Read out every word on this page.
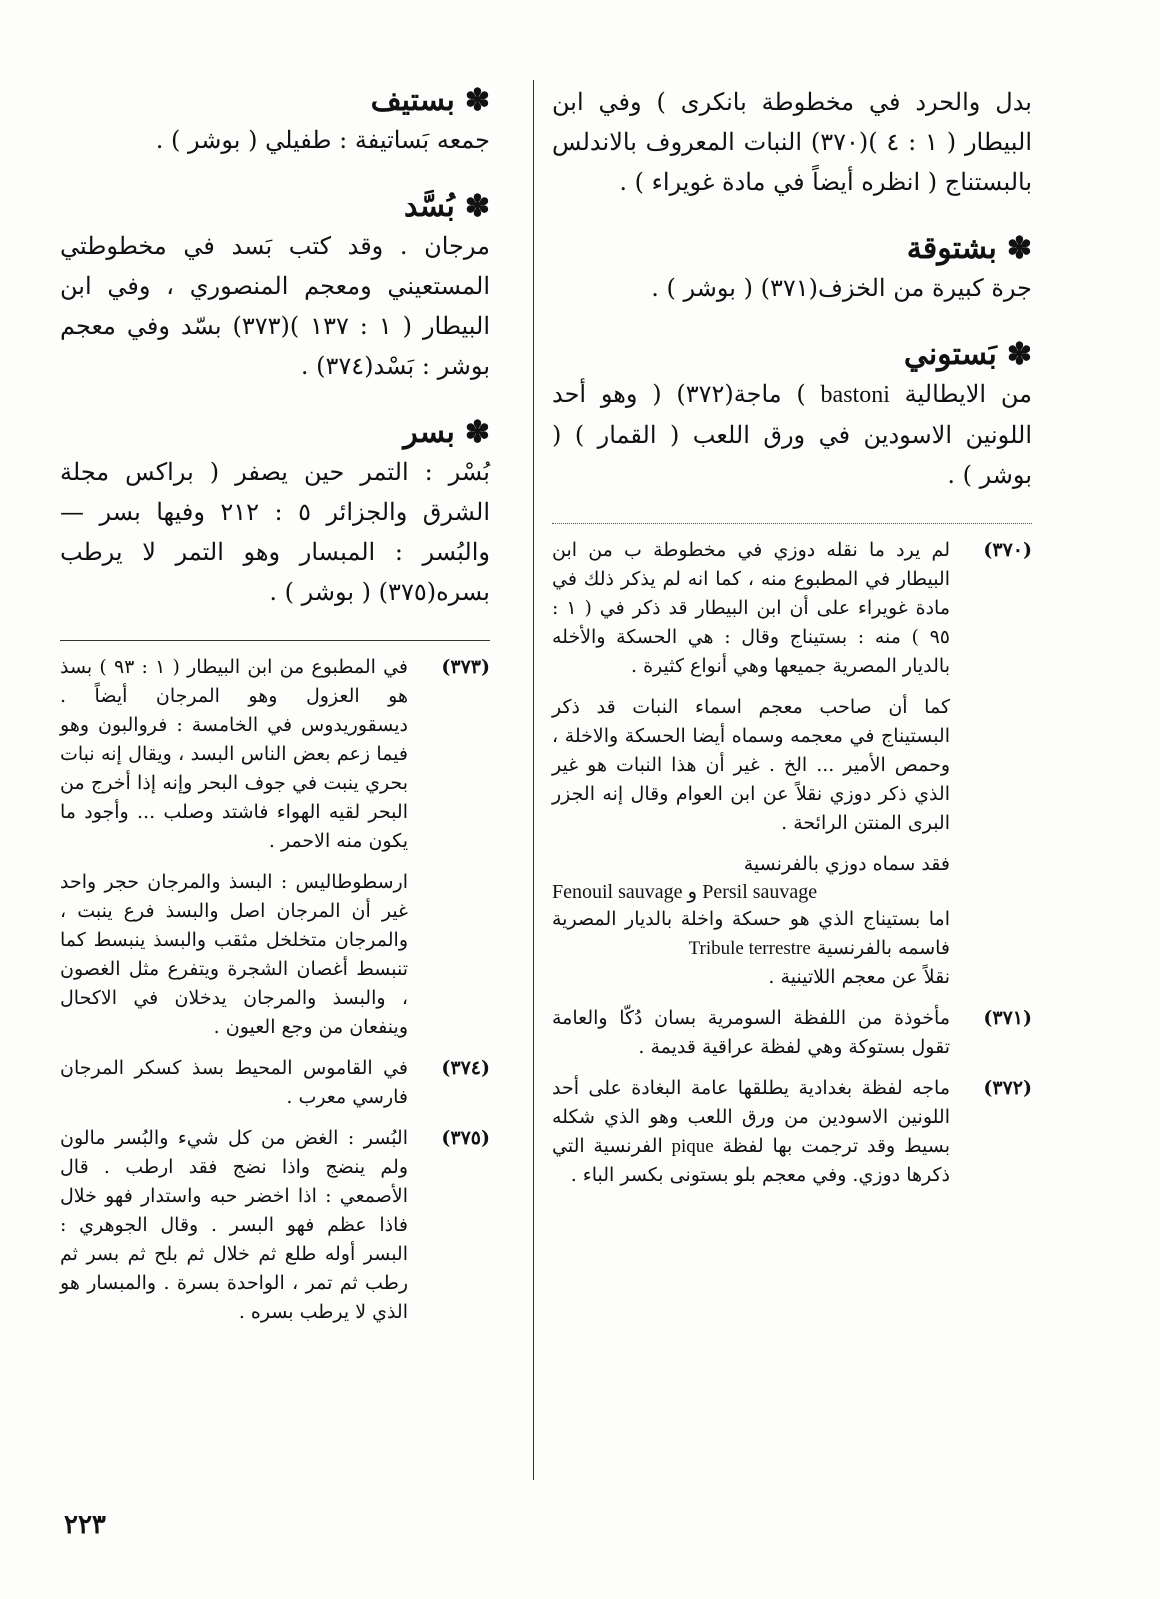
بدل والحرد في مخطوطة بانكرى ) وفي ابن البيطار ( ١ : ٤ )(٣٧٠) النبات المعروف بالاندلس بالبستناج ( انظره أيضاً في مادة غويراء ) .
✽بشتوقة
جرة كبيرة من الخزف(٣٧١) ( بوشر ) .
✽بَستوني
من الايطالية bastoni ) ماجة(٣٧٢) ( وهو أحد اللونين الاسودين في ورق اللعب ( القمار ) ( بوشر ) .
(٣٧٠)
لم يرد ما نقله دوزي في مخطوطة ب من ابن البيطار في المطبوع منه ، كما انه لم يذكر ذلك في مادة غويراء على أن ابن البيطار قد ذكر في ( ١ : ٩٥ ) منه : بستيناج وقال : هي الحسكة والأخله بالديار المصرية جميعها وهي أنواع كثيرة .
كما أن صاحب معجم اسماء النبات قد ذكر البستيناج في معجمه وسماه أيضا الحسكة والاخلة ، وحمص الأمير ... الخ . غير أن هذا النبات هو غير الذي ذكر دوزي نقلاً عن ابن العوام وقال إنه الجزر البرى المنتن الرائحة .
فقد سماه دوزي بالفرنسية
Fenouil sauvage و Persil sauvage
اما بستيناج الذي هو حسكة واخلة بالديار المصرية فاسمه بالفرنسية Tribule terrestre
نقلاً عن معجم اللاتينية .
(٣٧١)
مأخوذة من اللفظة السومرية بسان دُكّا والعامة تقول بستوكة وهي لفظة عراقية قديمة .
(٣٧٢)
ماجه لفظة بغدادية يطلقها عامة البغادة على أحد اللونين الاسودين من ورق اللعب وهو الذي شكله بسيط وقد ترجمت بها لفظة pique الفرنسية التي ذكرها دوزي. وفي معجم بلو بستونى بكسر الباء .
✽بستيف
جمعه بَساتيفة : طفيلي ( بوشر ) .
✽بُسَّد
مرجان . وقد كتب بَسد في مخطوطتي المستعيني ومعجم المنصوري ، وفي ابن البيطار ( ١ : ١٣٧ )(٣٧٣) بسّد وفي معجم بوشر : بَسْد(٣٧٤) .
✽بسر
بُسْر : التمر حين يصفر ( براكس مجلة الشرق والجزائر ٥ : ٢١٢ وفيها بسر — والبُسر : المبسار وهو التمر لا يرطب بسره(٣٧٥) ( بوشر ) .
(٣٧٣)
في المطبوع من ابن البيطار ( ١ : ٩٣ ) بسذ هو العزول وهو المرجان أيضاً . ديسقوريدوس في الخامسة : فروالبون وهو فيما زعم بعض الناس البسد ، ويقال إنه نبات بحري ينبت في جوف البحر وإنه إذا أخرج من البحر لقيه الهواء فاشتد وصلب ... وأجود ما يكون منه الاحمر .
ارسطوطاليس : البسذ والمرجان حجر واحد غير أن المرجان اصل والبسذ فرع ينبت ، والمرجان متخلخل مثقب والبسذ ينبسط كما تنبسط أغصان الشجرة ويتفرع مثل الغصون ، والبسذ والمرجان يدخلان في الاكحال وينفعان من وجع العيون .
(٣٧٤)
في القاموس المحيط بسذ كسكر المرجان فارسي معرب .
(٣٧٥)
البُسر : الغض من كل شيء والبُسر مالون ولم ينضج واذا نضج فقد ارطب . قال الأصمعي : اذا اخضر حبه واستدار فهو خلال فاذا عظم فهو البسر . وقال الجوهري : البسر أوله طلع ثم خلال ثم بلح ثم بسر ثم رطب ثم تمر ، الواحدة بسرة . والمبسار هو الذي لا يرطب بسره .
٢٢٣
